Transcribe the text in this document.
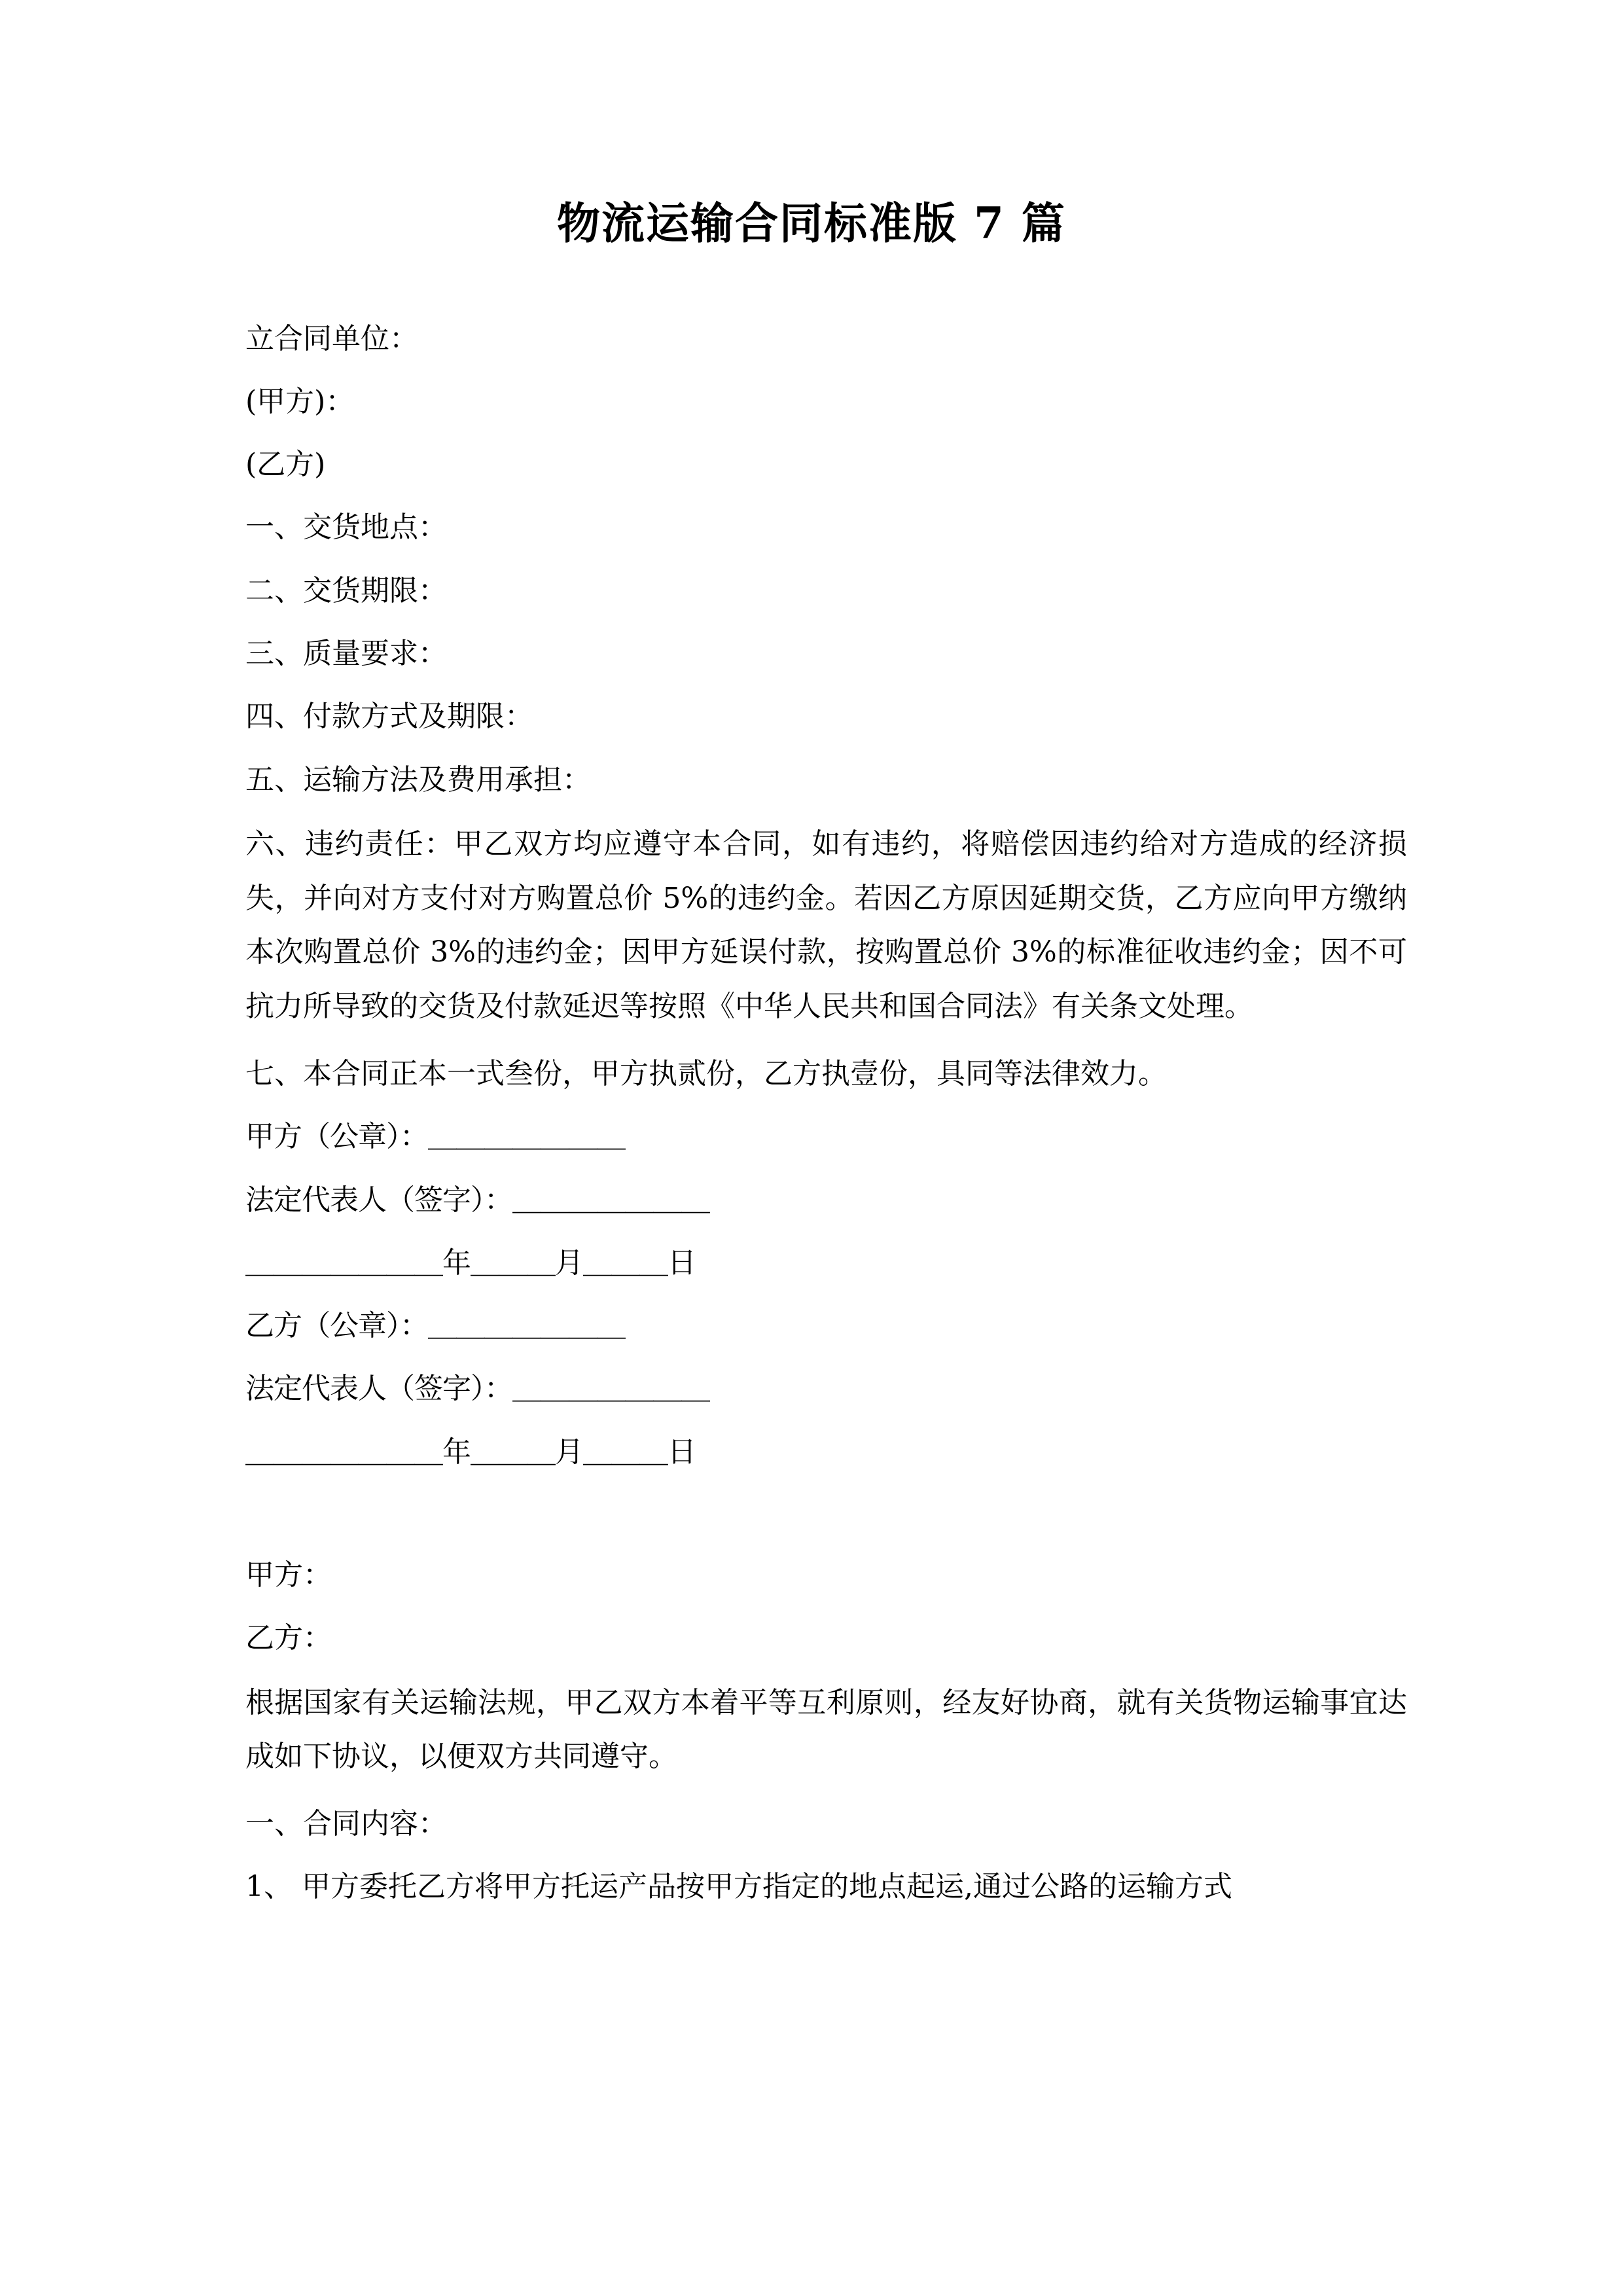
物流运输合同标准版 7 篇

立合同单位：

(甲方)：

(乙方)

一、交货地点：

二、交货期限：

三、质量要求：

四、付款方式及期限：

五、运输方法及费用承担：

六、违约责任：甲乙双方均应遵守本合同，如有违约，将赔偿因违约给对方造成的经济损失，并向对方支付对方购置总价 5%的违约金。若因乙方原因延期交货，乙方应向甲方缴纳本次购置总价 3%的违约金；因甲方延误付款，按购置总价 3%的标准征收违约金；因不可抗力所导致的交货及付款延迟等按照《中华人民共和国合同法》有关条文处理。

七、本合同正本一式叁份，甲方执贰份，乙方执壹份，具同等法律效力。

甲方（公章）：＿＿＿＿＿＿＿

法定代表人（签字）：＿＿＿＿＿＿＿

＿＿＿＿＿＿＿年＿＿＿月＿＿＿日

乙方（公章）：＿＿＿＿＿＿＿

法定代表人（签字）：＿＿＿＿＿＿＿

＿＿＿＿＿＿＿年＿＿＿月＿＿＿日

甲方：

乙方：

根据国家有关运输法规，甲乙双方本着平等互利原则，经友好协商，就有关货物运输事宜达成如下协议，以便双方共同遵守。

一、合同内容：

1、 甲方委托乙方将甲方托运产品按甲方指定的地点起运,通过公路的运输方式
